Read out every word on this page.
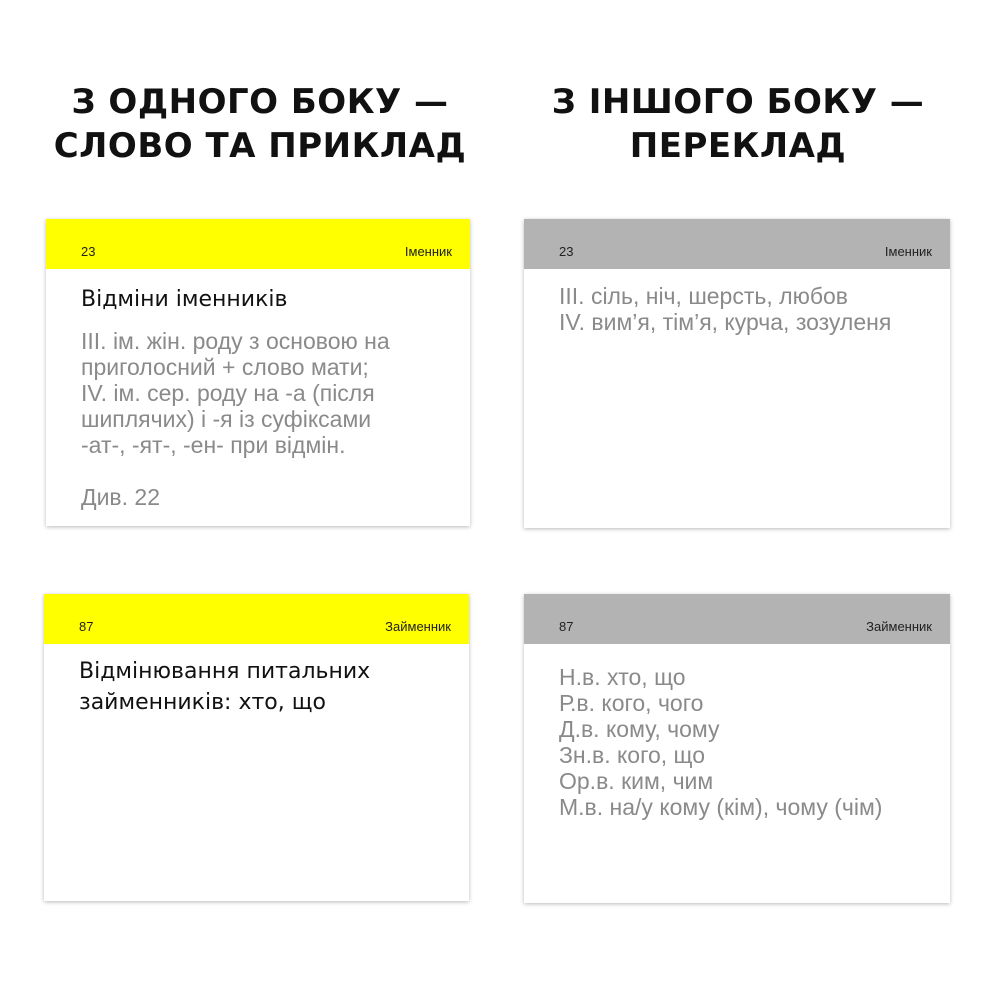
З ОДНОГО БОКУ —
СЛОВО ТА ПРИКЛАД
З ІНШОГО БОКУ —
ПЕРЕКЛАД
23	Іменник
Відміни іменників
ІІІ. ім. жін. роду з основою на
приголосний + слово мати;
IV. ім. сер. роду на -а (після
шиплячих) і -я із суфіксами
-ат-, -ят-, -ен- при відмін.
Див. 22
23	Іменник
ІІІ. сіль, ніч, шерсть, любов
IV. вим’я, тім’я, курча, зозуленя
87	Займенник
Відмінювання питальних
займенників: хто, що
87	Займенник
Н.в. хто, що
Р.в. кого, чого
Д.в. кому, чому
Зн.в. кого, що
Ор.в. ким, чим
М.в. на/у кому (кім), чому (чім)
